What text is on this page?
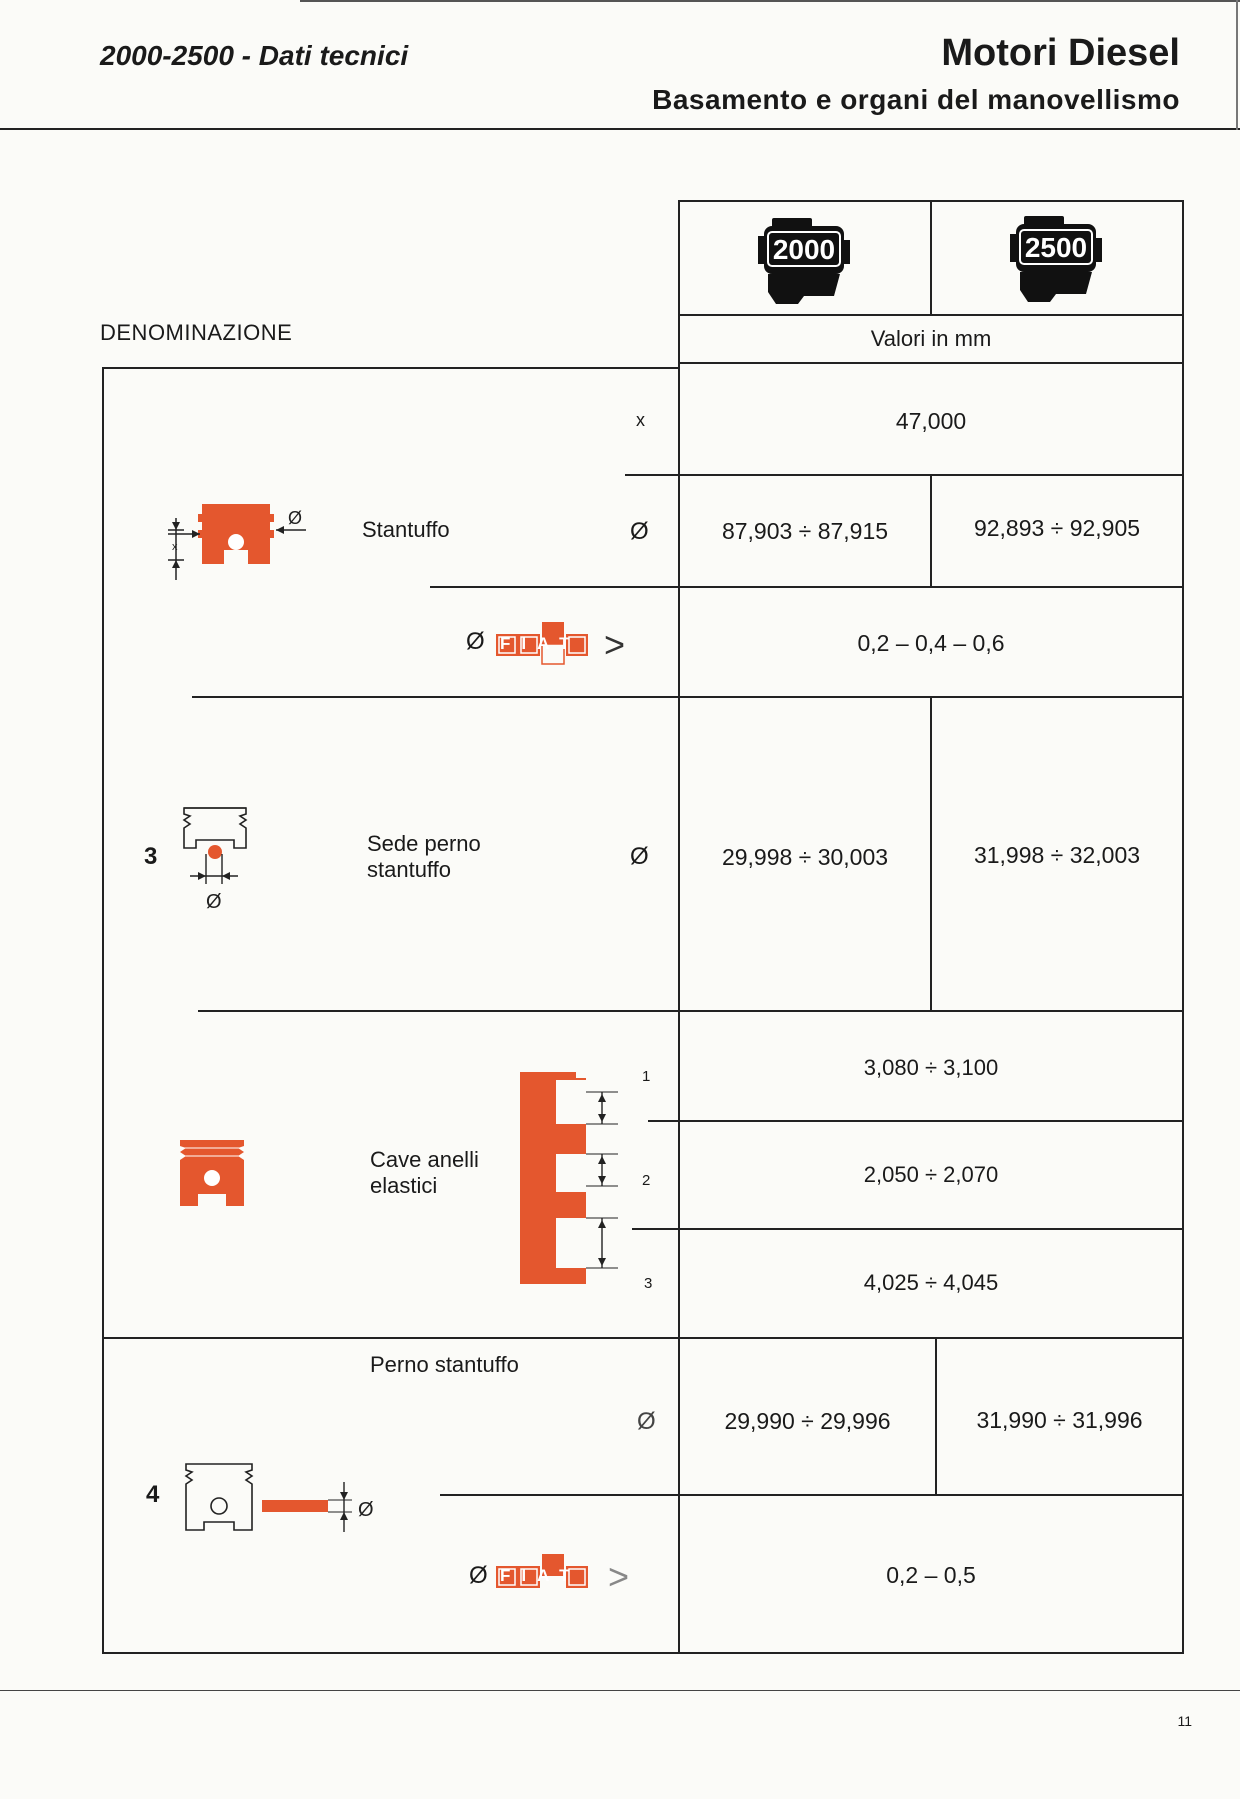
2000-2500 - Dati tecnici	Motori Diesel
Basamento e organi del manovellismo
2000	2500
DENOMINAZIONE	Valori in mm
x
Ø	Stantuffo
x	47,000
Ø	87,903 ÷ 87,915	92,893 ÷ 92,905
Ø FIAT >	0,2 – 0,4 – 0,6
3
Ø
Sede perno
stantuffo	Ø	29,998 ÷ 30,003	31,998 ÷ 32,003
Cave anelli
elastici
1
2
3
3,080 ÷ 3,100
2,050 ÷ 2,070
4,025 ÷ 4,045
Perno stantuffo
4
Ø
Ø	29,990 ÷ 29,996	31,990 ÷ 31,996
Ø FIAT >	0,2 – 0,5
11
